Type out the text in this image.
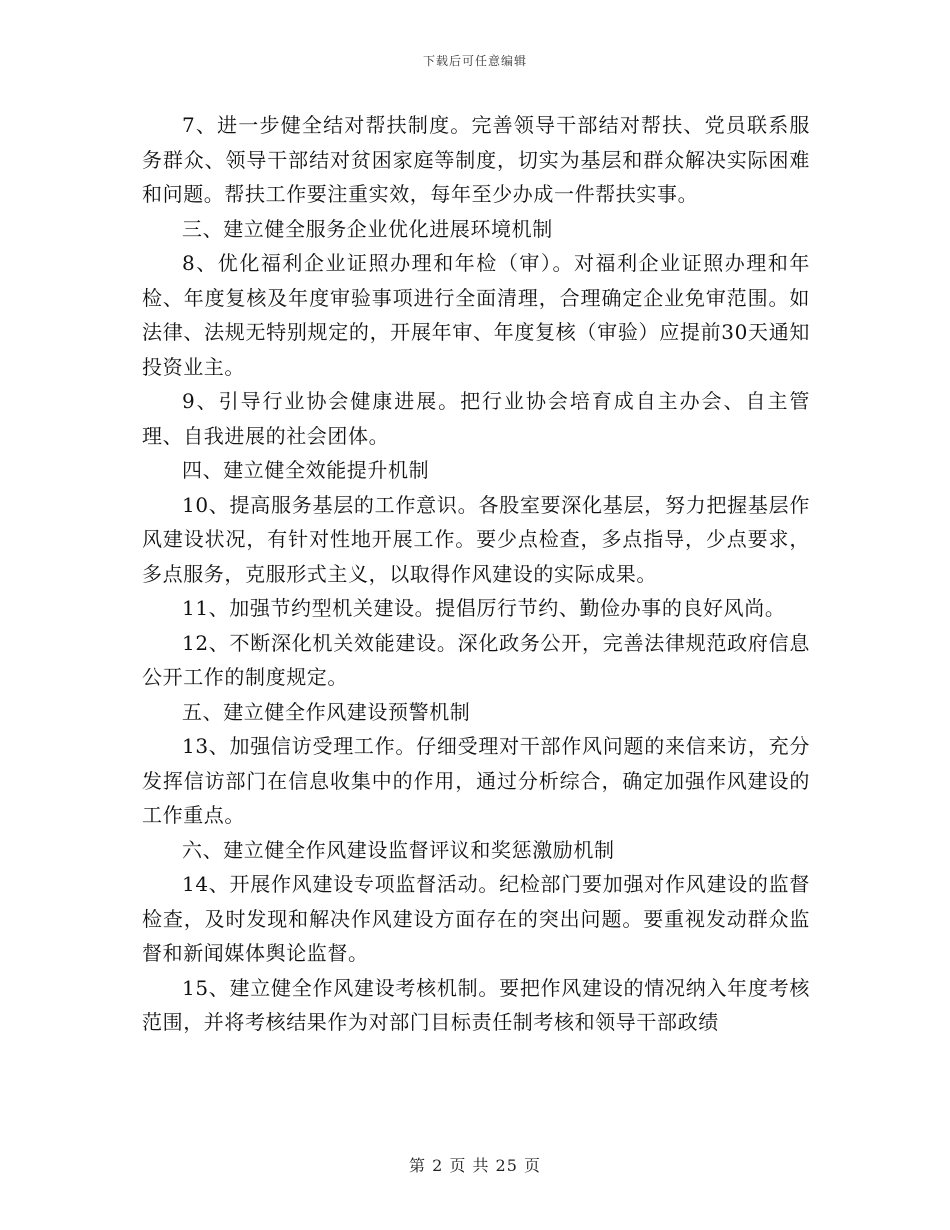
下载后可任意编辑

7、进一步健全结对帮扶制度。完善领导干部结对帮扶、党员联系服务群众、领导干部结对贫困家庭等制度，切实为基层和群众解决实际困难和问题。帮扶工作要注重实效，每年至少办成一件帮扶实事。

三、建立健全服务企业优化进展环境机制

8、优化福利企业证照办理和年检（审）。对福利企业证照办理和年检、年度复核及年度审验事项进行全面清理，合理确定企业免审范围。如法律、法规无特别规定的，开展年审、年度复核（审验）应提前30天通知投资业主。

9、引导行业协会健康进展。把行业协会培育成自主办会、自主管理、自我进展的社会团体。

四、建立健全效能提升机制

10、提高服务基层的工作意识。各股室要深化基层，努力把握基层作风建设状况，有针对性地开展工作。要少点检查，多点指导，少点要求，多点服务，克服形式主义，以取得作风建设的实际成果。

11、加强节约型机关建设。提倡厉行节约、勤俭办事的良好风尚。

12、不断深化机关效能建设。深化政务公开，完善法律规范政府信息公开工作的制度规定。

五、建立健全作风建设预警机制

13、加强信访受理工作。仔细受理对干部作风问题的来信来访，充分发挥信访部门在信息收集中的作用，通过分析综合，确定加强作风建设的工作重点。

六、建立健全作风建设监督评议和奖惩激励机制

14、开展作风建设专项监督活动。纪检部门要加强对作风建设的监督检查，及时发现和解决作风建设方面存在的突出问题。要重视发动群众监督和新闻媒体舆论监督。

15、建立健全作风建设考核机制。要把作风建设的情况纳入年度考核范围，并将考核结果作为对部门目标责任制考核和领导干部政绩

第 2 页 共 25 页
